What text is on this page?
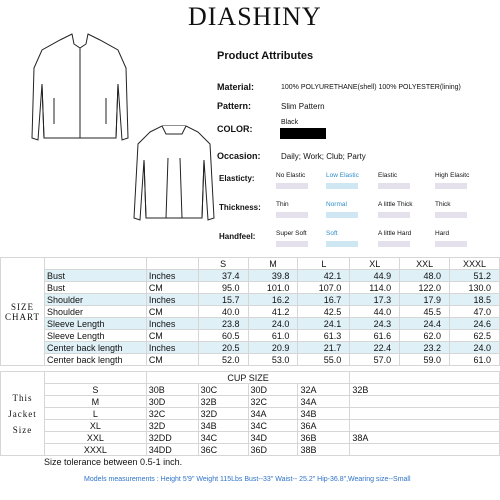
DIASHINY
Product Attributes
Material:	100% POLYURETHANE(shell) 100% POLYESTER(lining)
Pattern:	Slim Pattern
COLOR:
Black
Occasion:	Daily; Work; Club; Party
Elasticty:	No Elastic	Low Elastic	Elastic	High Elasitc
Thickness: Thin	Normal	A little Thick	Thick
Handfeel:	Super Soft	Soft	A little Hard	Hard
SIZE
CHART			S	M	L	XL	XXL	XXXL
	Bust	Inches	37.4	39.8	42.1	44.9	48.0	51.2
	Bust	CM	95.0	101.0	107.0	114.0	122.0	130.0
	Shoulder	Inches	15.7	16.2	16.7	17.3	17.9	18.5
	Shoulder	CM	40.0	41.2	42.5	44.0	45.5	47.0
	Sleeve Length	Inches	23.8	24.0	24.1	24.3	24.4	24.6
	Sleeve Length	CM	60.5	61.0	61.3	61.6	62.0	62.5
	Center back length	Inches	20.5	20.9	21.7	22.4	23.2	24.0
	Center back length	CM	52.0	53.0	55.0	57.0	59.0	61.0
This
Jacket
Size		CUP SIZE				
	S	30B	30C	30D	32A	32B
	M	30D	32B	32C	34A	
	L	32C	32D	34A	34B	
	XL	32D	34B	34C	36A	
	XXL	32DD	34C	34D	36B	38A
	XXXL	34DD	36C	36D	38B	
Size tolerance between 0.5-1 inch.
Models measurements : Height 5'9" Weight 115Lbs Bust--33" Waist-- 25.2" Hip-36.8",Wearing size--Small
